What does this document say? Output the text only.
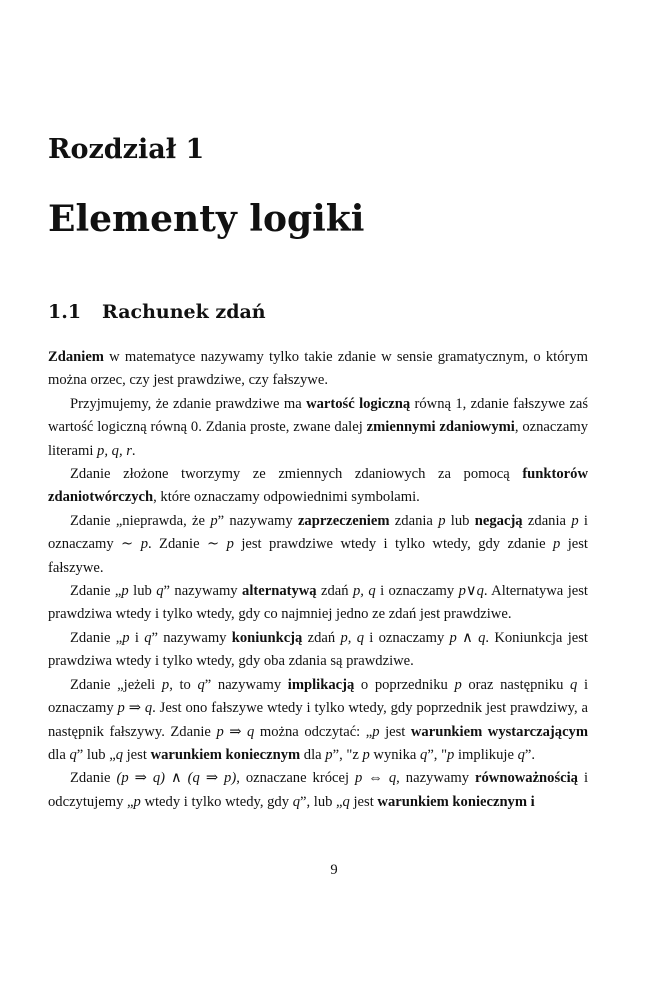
Rozdział 1
Elementy logiki
1.1 Rachunek zdań

Zdaniem w matematyce nazywamy tylko takie zdanie w sensie gramatycznym, o którym można orzec, czy jest prawdziwe, czy fałszywe.

Przyjmujemy, że zdanie prawdziwe ma wartość logiczną równą 1, zdanie fałszywe zaś wartość logiczną równą 0. Zdania proste, zwane dalej zmiennymi zdaniowymi, oznaczamy literami p, q, r.

Zdanie złożone tworzymy ze zmiennych zdaniowych za pomocą funktorów zdaniotwórczych, które oznaczamy odpowiednimi symbolami.

Zdanie „nieprawda, że p” nazywamy zaprzeczeniem zdania p lub negacją zdania p i oznaczamy ∼ p. Zdanie ∼ p jest prawdziwe wtedy i tylko wtedy, gdy zdanie p jest fałszywe.

Zdanie „p lub q” nazywamy alternatywą zdań p, q i oznaczamy p∨q. Alternatywa jest prawdziwa wtedy i tylko wtedy, gdy co najmniej jedno ze zdań jest prawdziwe.

Zdanie „p i q” nazywamy koniunkcją zdań p, q i oznaczamy p ∧ q. Koniunkcja jest prawdziwa wtedy i tylko wtedy, gdy oba zdania są prawdziwe.

Zdanie „jeżeli p, to q” nazywamy implikacją o poprzedniku p oraz następniku q i oznaczamy p ⇒ q. Jest ono fałszywe wtedy i tylko wtedy, gdy poprzednik jest prawdziwy, a następnik fałszywy. Zdanie p ⇒ q można odczytać: „p jest warunkiem wystarczającym dla q” lub „q jest warunkiem koniecznym dla p”, "z p wynika q”, "p implikuje q”.

Zdanie (p ⇒ q) ∧ (q ⇒ p), oznaczane krócej p ⇔ q, nazywamy równoważnością i odczytujemy „p wtedy i tylko wtedy, gdy q”, lub „q jest warunkiem koniecznym i

9
